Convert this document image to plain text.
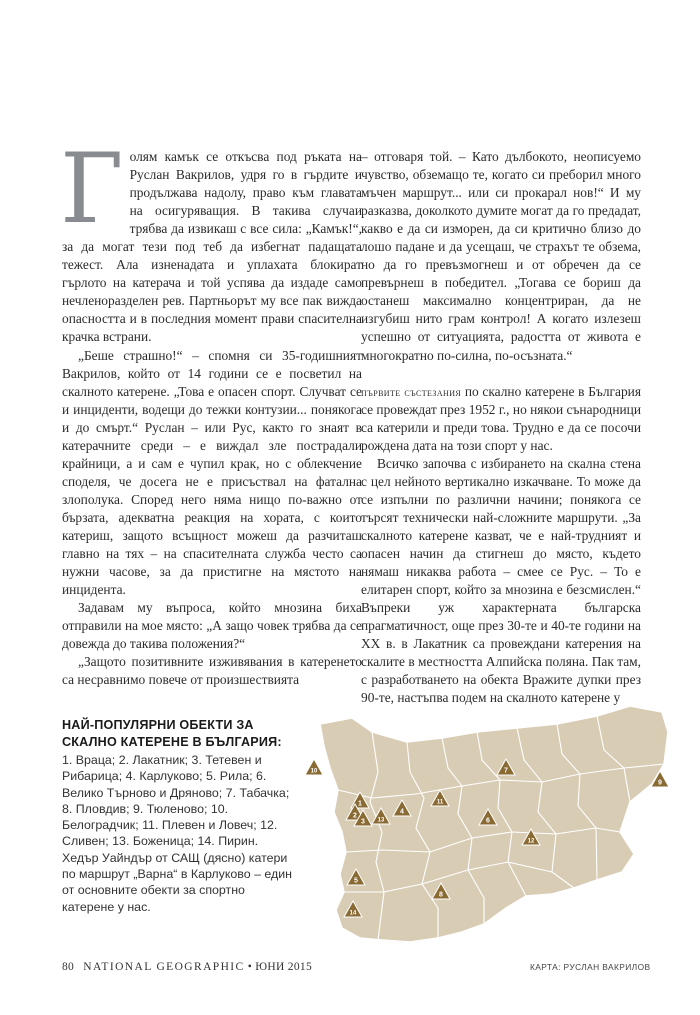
Голям камък се откъсва под ръката на Руслан Вакрилов, удря го в гърдите и продължава надолу, право към главата на осигуряващия. В такива случаи трябва да извикаш с все сила: „Камък!“, за да могат тези под теб да избегнат падащата тежест. Ала изненадата и уплахата блокират гърлото на катерача и той успява да издаде само нечленоразделен рев. Партньорът му все пак вижда опасността и в последния момент прави спасителна крачка встрани.

„Беше страшно!“ – спомня си 35-годишният Вакрилов, който от 14 години се е посветил на скалното катерене. „Това е опасен спорт. Случват се и инциденти, водещи до тежки контузии... понякога и до смърт.“ Руслан – или Рус, както го знаят в катерачните среди – е виждал зле пострадали крайници, а и сам е чупил крак, но с облекчение споделя, че досега не е присъствал на фатална злополука. Според него няма нищо по-важно от бързата, адекватна реакция на хората, с които катериш, защото всъщност можеш да разчиташ главно на тях – на спасителната служба често са нужни часове, за да пристигне на мястото на инцидента.

Задавам му въпроса, който мнозина биха отправили на мое място: „А защо човек трябва да се довежда до такива положения?“

„Защото позитивните изживявания в катеренето са несравнимо повече от произшествията

– отговаря той. – Като дълбокото, неописуемо чувство, обземащо те, когато си преборил много мъчен маршрут... или си прокарал нов!“ И му разказва, доколкото думите могат да го предадат, какво е да си изморен, да си критично близо до лошо падане и да усещаш, че страхът те обзема, но да го превъзмогнеш и от обречен да се превърнеш в победител. „Тогава се бориш да останеш максимално концентриран, да не изгубиш нито грам контрол! А когато излезеш успешно от ситуацията, радостта от живота е многократно по-силна, по-осъзната.“

първите състезания по скално катерене в България се провеждат през 1952 г., но някои сънародници са катерили и преди това. Трудно е да се посочи рождена дата на този спорт у нас.

Всичко започва с избирането на скална стена с цел нейното вертикално изкачване. То може да се изпълни по различни начини; понякога се търсят технически най-сложните маршрути. „За скалното катерене казват, че е най-трудният и опасен начин да стигнеш до място, където нямаш никаква работа – смее се Рус. – То е елитарен спорт, който за мнозина е безсмислен.“ Въпреки уж характерната българска прагматичност, още през 30-те и 40-те години на XX в. в Лакатник са провеждани катерения на скалите в местността Алпийска поляна. Пак там, с разработването на обекта Вражите дупки през 90-те, настъпва подем на скалното катерене у

НАЙ-ПОПУЛЯРНИ ОБЕКТИ ЗА
СКАЛНО КАТЕРЕНЕ В БЪЛГАРИЯ:
1. Враца; 2. Лакатник; 3. Тетевен и Рибарица; 4. Карлуково; 5. Рила; 6. Велико Търново и Дряново; 7. Табачка; 8. Пловдив; 9. Тюленово; 10. Белоградчик; 11. Плевен и Ловеч; 12. Сливен; 13. Боженица; 14. Пирин.
Хедър Уайндър от САЩ (дясно) катери по маршрут „Варна“ в Карлуково – един от основните обекти за спортно катерене у нас.
1
2
3
4
5
6
7
8
9
10
11
12
13
14
80 NATIONAL GEOGRAPHIC • ЮНИ 2015	КАРТА: РУСЛАН ВАКРИЛОВ
